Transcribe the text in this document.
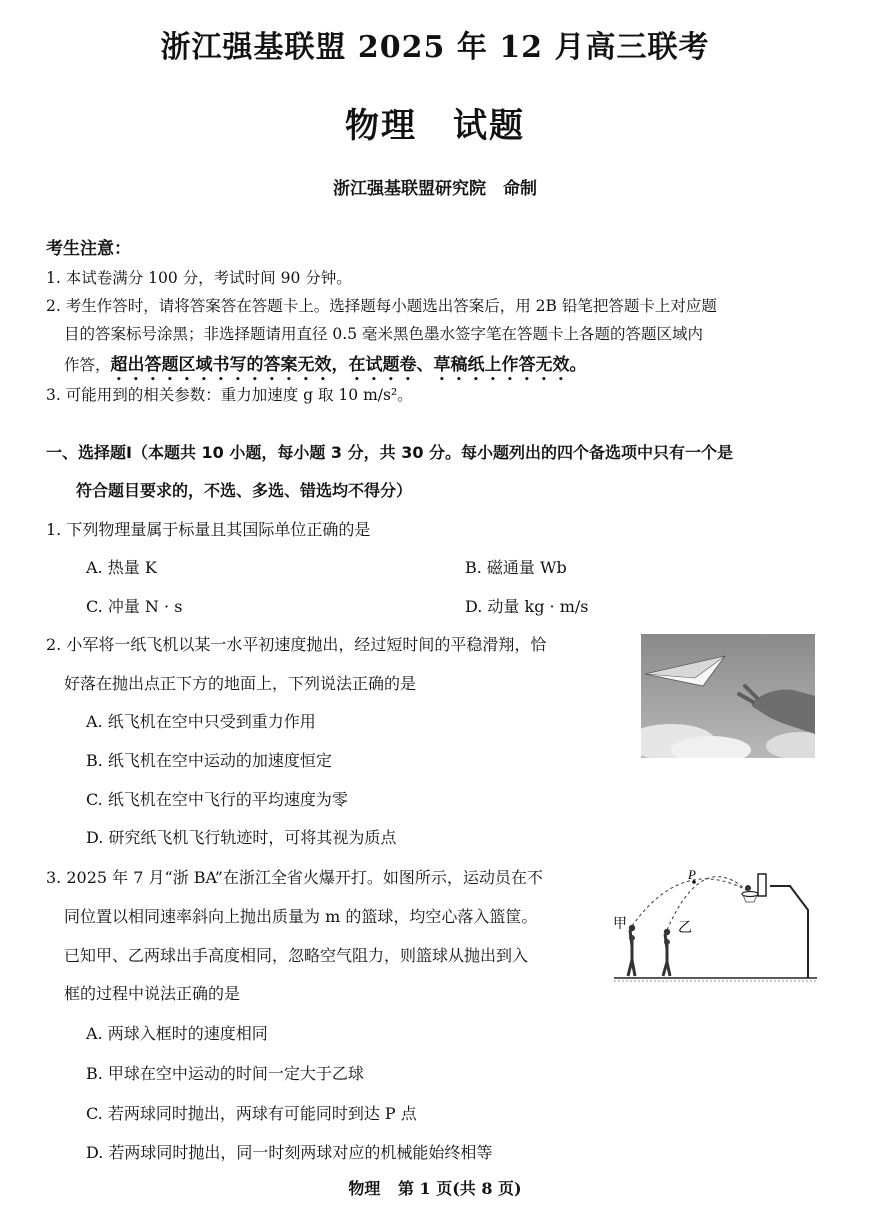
浙江强基联盟 2025 年 12 月高三联考
物理　试题
浙江强基联盟研究院　命制
考生注意：
1. 本试卷满分 100 分，考试时间 90 分钟。
2. 考生作答时，请将答案答在答题卡上。选择题每小题选出答案后，用 2B 铅笔把答题卡上对应题
目的答案标号涂黑；非选择题请用直径 0.5 毫米黑色墨水签字笔在答题卡上各题的答题区域内
作答，超出答题区域书写的答案无效，在试题卷、草稿纸上作答无效。
3. 可能用到的相关参数：重力加速度 g 取 10 m/s²。
一、选择题Ⅰ（本题共 10 小题，每小题 3 分，共 30 分。每小题列出的四个备选项中只有一个是
符合题目要求的，不选、多选、错选均不得分）
1. 下列物理量属于标量且其国际单位正确的是
A. 热量 K	B. 磁通量 Wb
C. 冲量 N · s	D. 动量 kg · m/s
2. 小军将一纸飞机以某一水平初速度抛出，经过短时间的平稳滑翔，恰
好落在抛出点正下方的地面上，下列说法正确的是
A. 纸飞机在空中只受到重力作用
B. 纸飞机在空中运动的加速度恒定
C. 纸飞机在空中飞行的平均速度为零
D. 研究纸飞机飞行轨迹时，可将其视为质点
3. 2025 年 7 月“浙 BA”在浙江全省火爆开打。如图所示，运动员在不
同位置以相同速率斜向上抛出质量为 m 的篮球，均空心落入篮筐。
已知甲、乙两球出手高度相同，忽略空气阻力，则篮球从抛出到入
框的过程中说法正确的是
A. 两球入框时的速度相同
B. 甲球在空中运动的时间一定大于乙球
C. 若两球同时抛出，两球有可能同时到达 P 点
D. 若两球同时抛出，同一时刻两球对应的机械能始终相等
P
甲	乙
物理 第 1 页(共 8 页)
